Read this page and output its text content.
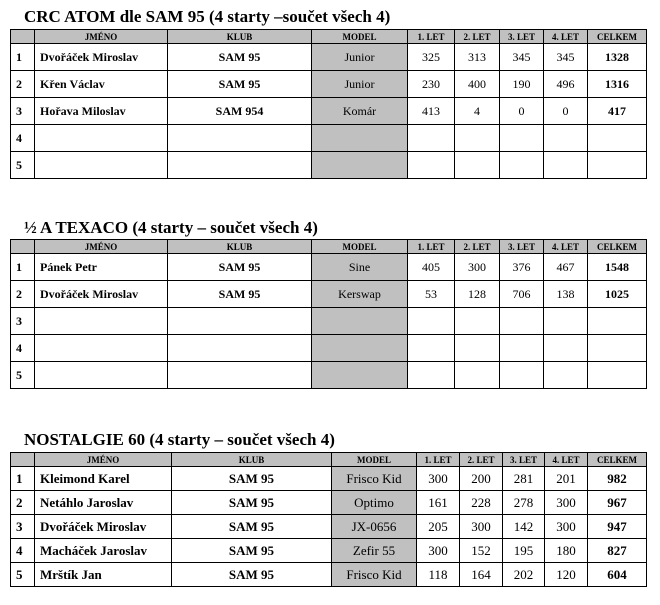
CRC ATOM dle SAM 95 (4 starty –součet všech 4)
	JMÉNO	KLUB	MODEL	1. LET	2. LET	3. LET	4. LET	CELKEM
1	Dvořáček Miroslav	SAM 95	Junior	325	313	345	345	1328
2	Křen Václav	SAM 95	Junior	230	400	190	496	1316
3	Hořava Miloslav	SAM 954	Komár	413	4	0	0	417
4								
5								
½ A TEXACO (4 starty – součet všech 4)
	JMÉNO	KLUB	MODEL	1. LET	2. LET	3. LET	4. LET	CELKEM
1	Pánek Petr	SAM 95	Sine	405	300	376	467	1548
2	Dvořáček Miroslav	SAM 95	Kerswap	53	128	706	138	1025
3								
4								
5								
NOSTALGIE 60 (4 starty – součet všech 4)
	JMÉNO	KLUB	MODEL	1. LET	2. LET	3. LET	4. LET	CELKEM
1	Kleimond Karel	SAM 95	Frisco Kid	300	200	281	201	982
2	Netáhlo Jaroslav	SAM 95	Optimo	161	228	278	300	967
3	Dvořáček Miroslav	SAM 95	JX-0656	205	300	142	300	947
4	Macháček Jaroslav	SAM 95	Zefir 55	300	152	195	180	827
5	Mrštík Jan	SAM 95	Frisco Kid	118	164	202	120	604
